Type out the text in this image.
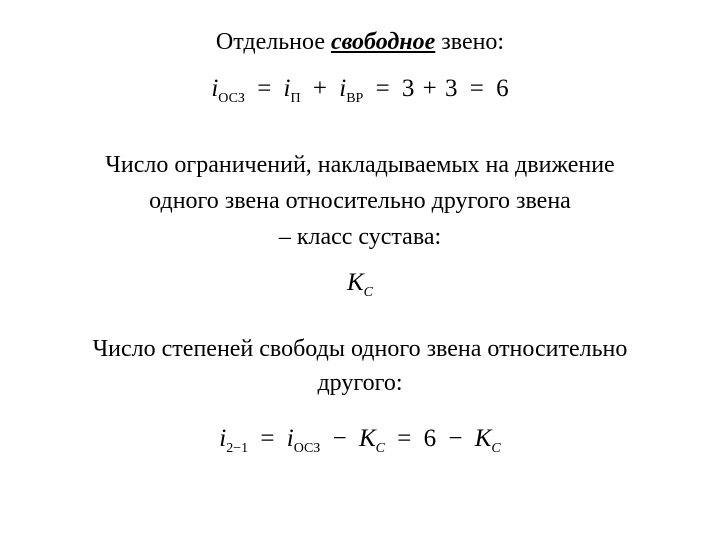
Отдельное свободное звено:
$i_{ОСЗ} = i_П + i_{ВР} = 3 + 3 = 6$
Число ограничений, накладываемых на движение
одного звена относительно другого звена
– класс сустава:
$K_C$
Число степеней свободы одного звена относительно
другого:
$i_{2-1} = i_{ОСЗ} - K_C = 6 - K_C$
